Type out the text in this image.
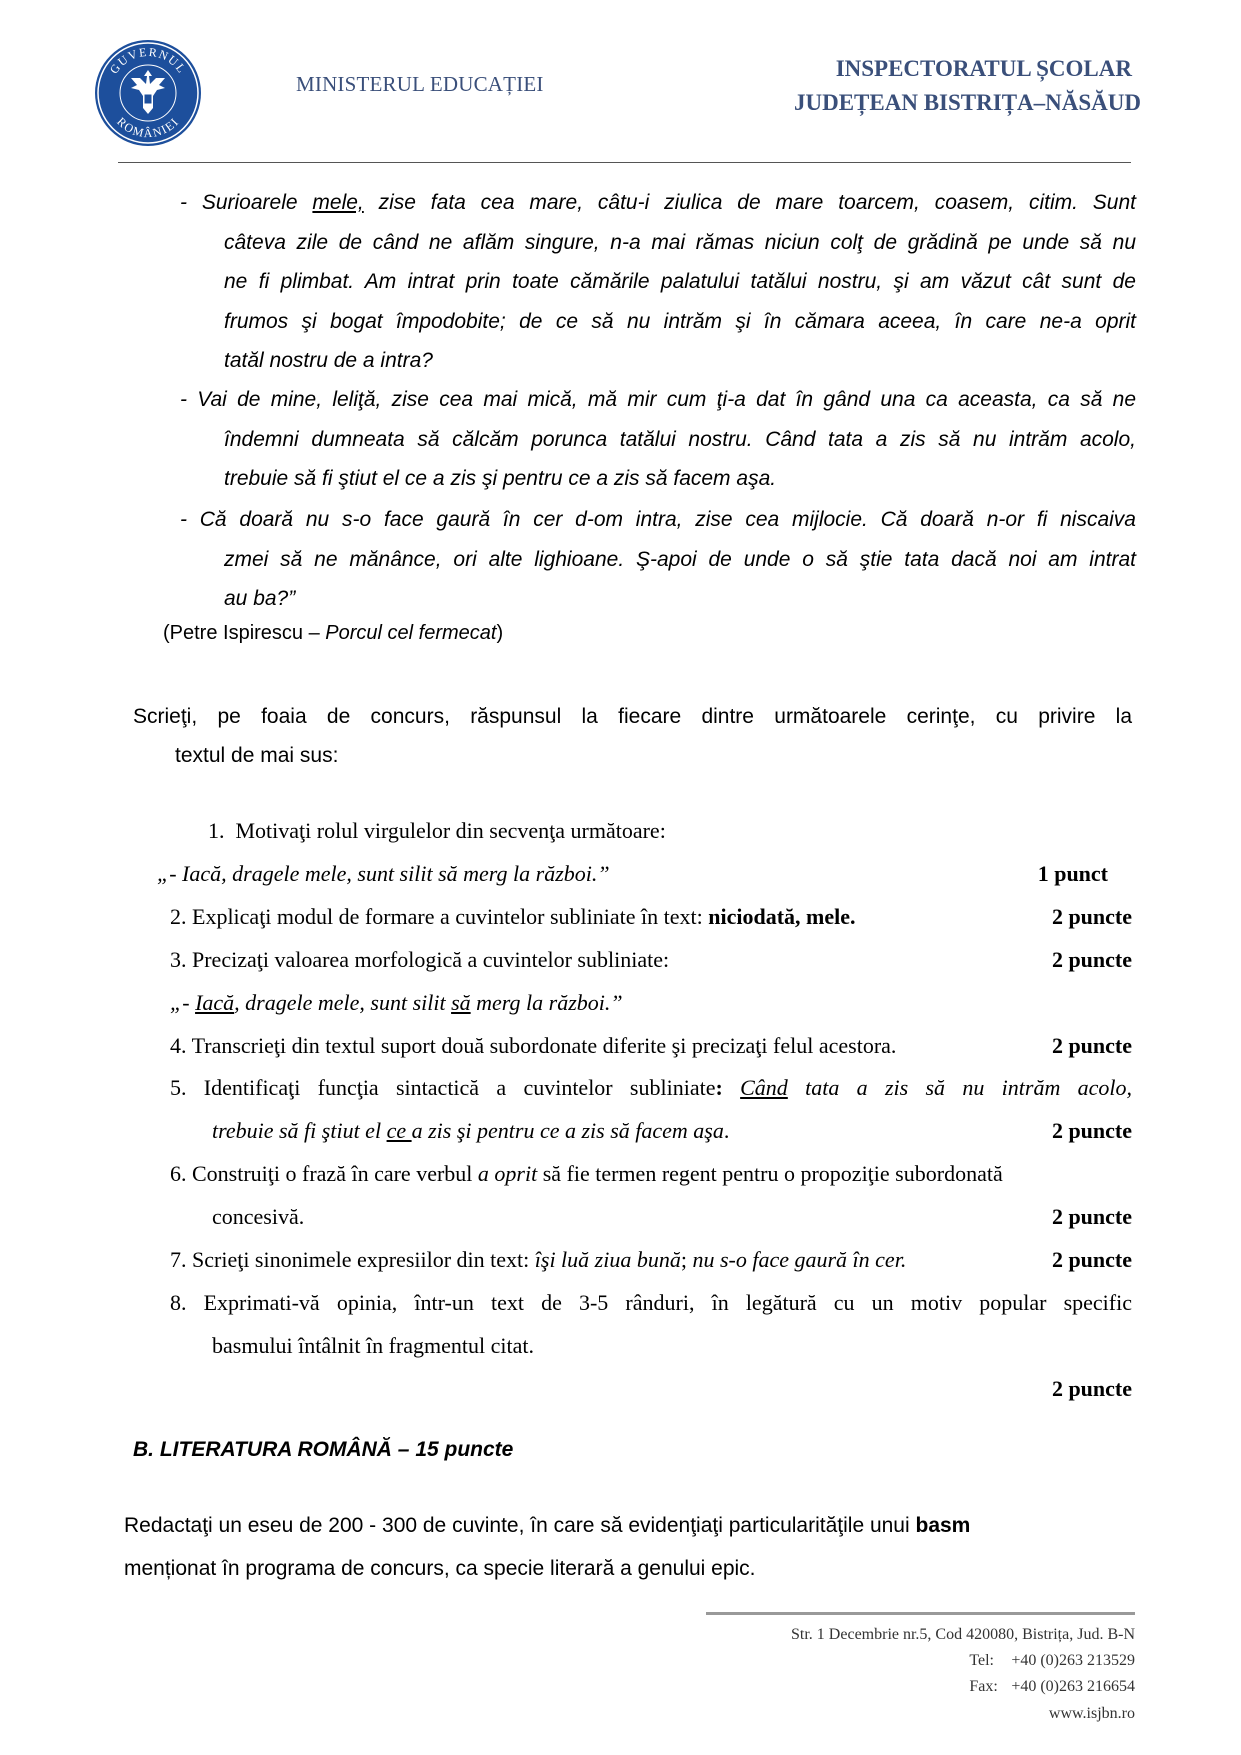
GUVERNUL
ROMÂNIEI
MINISTERUL EDUCAȚIEI
INSPECTORATUL ȘCOLAR
JUDEȚEAN BISTRIȚA–NĂSĂUD
- Surioarele mele, zise fata cea mare, câtu-i ziulica de mare toarcem, coasem, citim. Sunt
câteva zile de când ne aflăm singure, n-a mai rămas niciun colţ de grădină pe unde să nu
ne fi plimbat. Am intrat prin toate cămările palatului tatălui nostru, şi am văzut cât sunt de
frumos şi bogat împodobite; de ce să nu intrăm şi în cămara aceea, în care ne-a oprit
tatăl nostru de a intra?
- Vai de mine, leliţă, zise cea mai mică, mă mir cum ţi-a dat în gând una ca aceasta, ca să ne
îndemni dumneata să călcăm porunca tatălui nostru. Când tata a zis să nu intrăm acolo,
trebuie să fi ştiut el ce a zis şi pentru ce a zis să facem aşa.
- Că doară nu s-o face gaură în cer d-om intra, zise cea mijlocie. Că doară n-or fi niscaiva
zmei să ne mănânce, ori alte lighioane. Ş-apoi de unde o să ştie tata dacă noi am intrat
au ba?”
(Petre Ispirescu – Porcul cel fermecat)
Scrieţi, pe foaia de concurs, răspunsul la fiecare dintre următoarele cerinţe, cu privire la
textul de mai sus:
1. Motivaţi rolul virgulelor din secvenţa următoare:
„- Iacă, dragele mele, sunt silit să merg la război.”	1 punct
2. Explicaţi modul de formare a cuvintelor subliniate în text: niciodată, mele.	2 puncte
3. Precizaţi valoarea morfologică a cuvintelor subliniate:	2 puncte
„- Iacă, dragele mele, sunt silit să merg la război.”
4. Transcrieţi din textul suport două subordonate diferite şi precizaţi felul acestora.	2 puncte
5. Identificaţi funcţia sintactică a cuvintelor subliniate: Când tata a zis să nu intrăm acolo,
trebuie să fi ştiut el ce a zis şi pentru ce a zis să facem aşa.	2 puncte
6. Construiţi o frază în care verbul a oprit să fie termen regent pentru o propoziţie subordonată
concesivă.	2 puncte
7. Scrieţi sinonimele expresiilor din text: îşi luă ziua bună; nu s-o face gaură în cer.	2 puncte
8. Exprimati-vă opinia, într-un text de 3-5 rânduri, în legătură cu un motiv popular specific
basmului întâlnit în fragmentul citat.
2 puncte
B. LITERATURA ROMÂNĂ – 15 puncte
Redactaţi un eseu de 200 - 300 de cuvinte, în care să evidenţiaţi particularităţile unui basm
menționat în programa de concurs, ca specie literară a genului epic.
Str. 1 Decembrie nr.5, Cod 420080, Bistrița, Jud. B-N
Tel: +40 (0)263 213529
Fax: +40 (0)263 216654
www.isjbn.ro
